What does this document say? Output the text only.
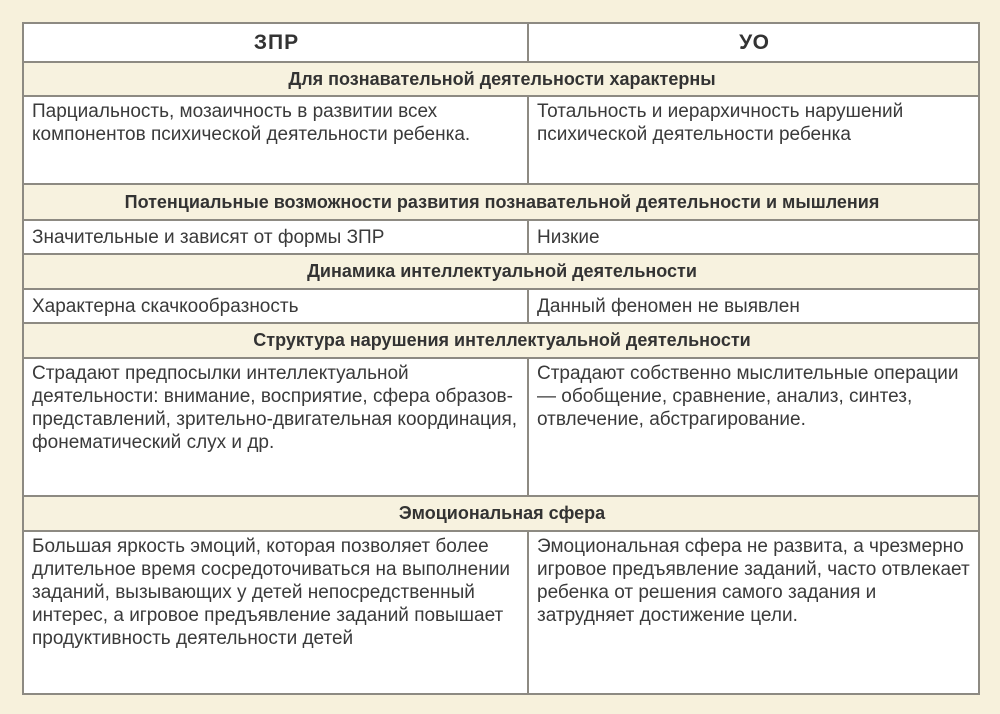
ЗПР	УО
Для познавательной деятельности характерны	

Парциальность, мозаичность в развитии всех компонентов психической деятельности ребенка.	Тотальность и иерархичность нарушений психической деятельности ребенка

Потенциальные возможности развития познавательной деятельности и мышления	
Значительные и зависят от формы ЗПР	Низкие
Динамика интеллектуальной деятельности	
Характерна скачкообразность	Данный феномен не выявлен
Структура нарушения интеллектуальной деятельности	

Страдают предпосылки интеллектуальной деятельности: внимание, восприятие, сфера образов-представлений, зрительно-двигательная координация, фонематический слух и др.	Страдают собственно мыслительные операции — обобщение, сравнение, анализ, синтез, отвлечение, абстрагирование.

Эмоциональная сфера	

Большая яркость эмоций, которая позволяет более длительное время сосредоточиваться на выполнении заданий, вызывающих у детей непосредственный интерес, а игровое предъявление заданий повышает продуктивность деятельности детей	Эмоциональная сфера не развита, а чрезмерно игровое предъявление заданий, часто отвлекает ребенка от решения самого задания и затрудняет достижение цели.
